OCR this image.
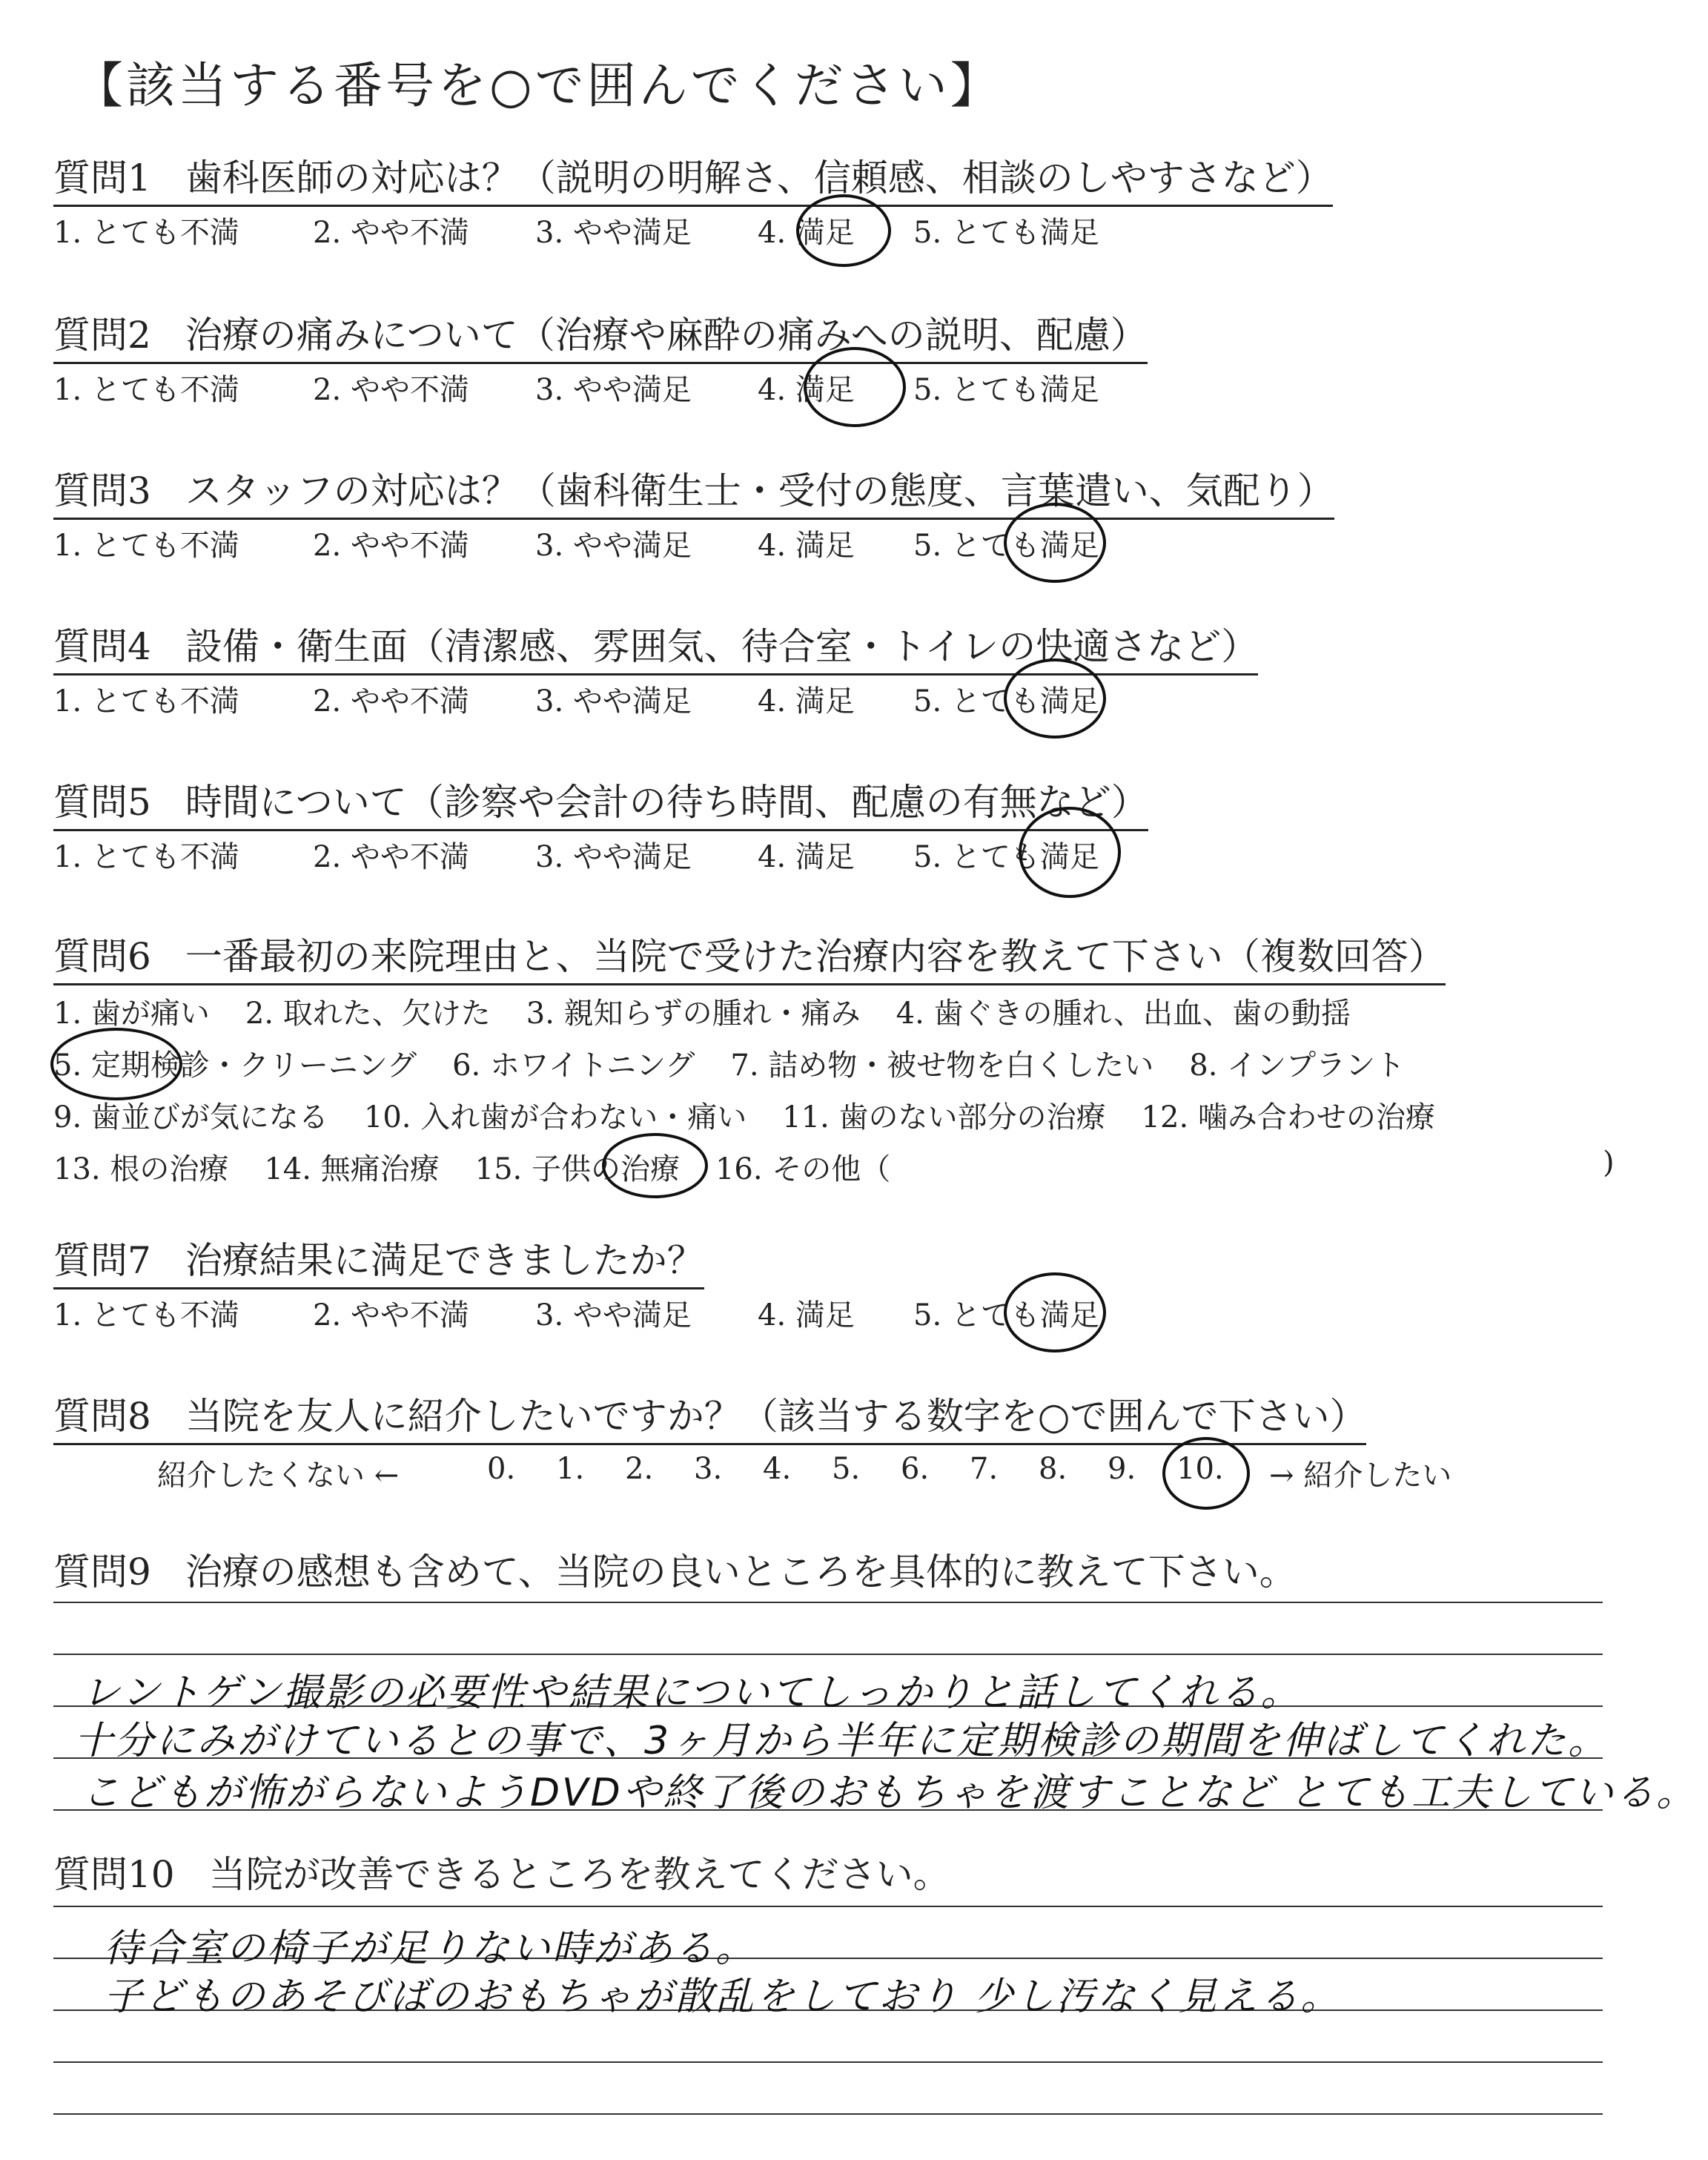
【該当する番号を○で囲んでください】
質問1 歯科医師の対応は？（説明の明解さ、信頼感、相談のしやすさなど）
1. とても不満 2. やや不満 3. やや満足 4. 満足 5. とても満足
質問2 治療の痛みについて（治療や麻酔の痛みへの説明、配慮）
1. とても不満 2. やや不満 3. やや満足 4. 満足 5. とても満足
質問3 スタッフの対応は？（歯科衛生士・受付の態度、言葉遣い、気配り）
1. とても不満 2. やや不満 3. やや満足 4. 満足 5. とても満足
質問4 設備・衛生面（清潔感、雰囲気、待合室・トイレの快適さなど）
1. とても不満 2. やや不満 3. やや満足 4. 満足 5. とても満足
質問5 時間について（診察や会計の待ち時間、配慮の有無など）
1. とても不満 2. やや不満 3. やや満足 4. 満足 5. とても満足
質問6 一番最初の来院理由と、当院で受けた治療内容を教えて下さい（複数回答）
1. 歯が痛い 2. 取れた、欠けた 3. 親知らずの腫れ・痛み 4. 歯ぐきの腫れ、出血、歯の動揺
5. 定期検診・クリーニング 6. ホワイトニング 7. 詰め物・被せ物を白くしたい 8. インプラント
9. 歯並びが気になる 10. 入れ歯が合わない・痛い 11. 歯のない部分の治療 12. 噛み合わせの治療
13. 根の治療 14. 無痛治療 15. 子供の治療 16. その他（	)
質問7 治療結果に満足できましたか？
1. とても不満 2. やや不満 3. やや満足 4. 満足 5. とても満足
質問8 当院を友人に紹介したいですか？（該当する数字を○で囲んで下さい）
紹介したくない ←	0. 1. 2. 3. 4. 5. 6. 7. 8. 9. 10. → 紹介したい
質問9 治療の感想も含めて、当院の良いところを具体的に教えて下さい。
レントゲン撮影の必要性や結果についてしっかりと話してくれる。
十分にみがけているとの事で、3ヶ月から半年に定期検診の期間を伸ばしてくれた。
こどもが怖がらないようDVDや終了後のおもちゃを渡すことなど とても工夫している。
質問10 当院が改善できるところを教えてください。
待合室の椅子が足りない時がある。
子どものあそびばのおもちゃが散乱をしており 少し汚なく見える。
